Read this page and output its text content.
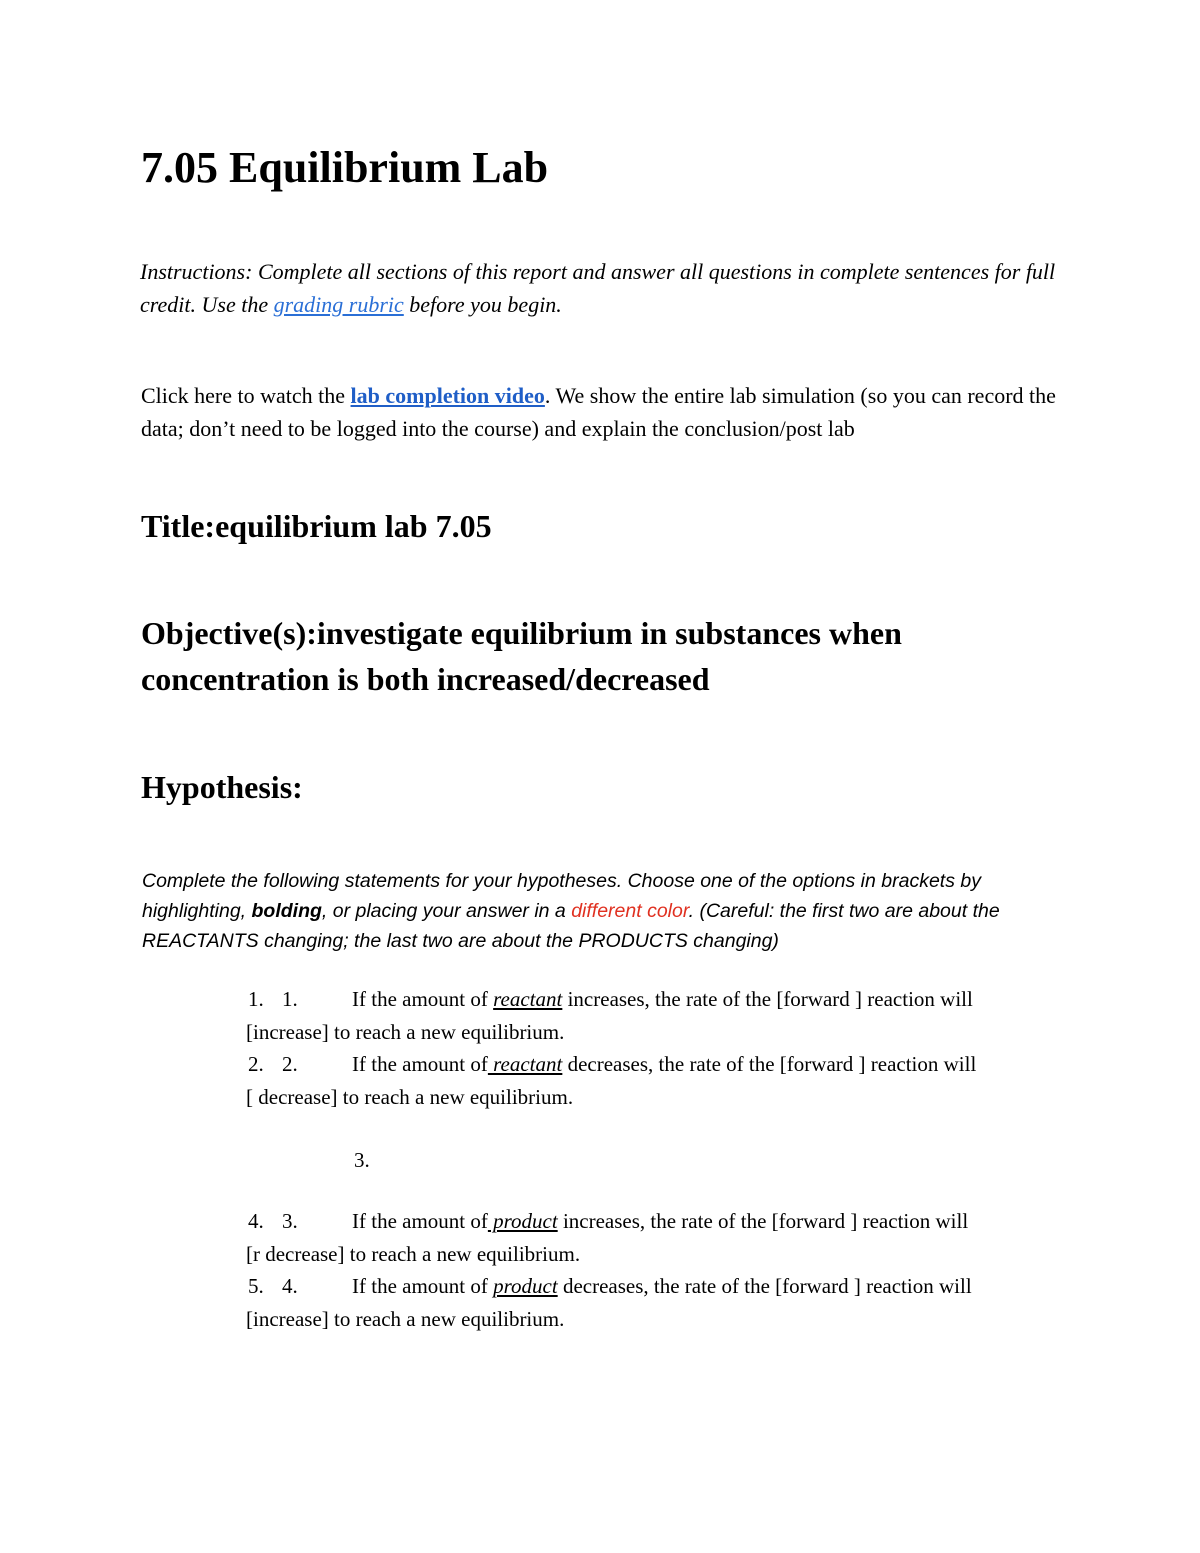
7.05 Equilibrium Lab
Instructions: Complete all sections of this report and answer all questions in complete sentences for full credit. Use the grading rubric before you begin.
Click here to watch the lab completion video. We show the entire lab simulation (so you can record the data; don’t need to be logged into the course) and explain the conclusion/post lab
Title:equilibrium lab 7.05
Objective(s):investigate equilibrium in substances when concentration is both increased/decreased
Hypothesis:
Complete the following statements for your hypotheses. Choose one of the options in brackets by highlighting, bolding, or placing your answer in a different color. (Careful: the first two are about the REACTANTS changing; the last two are about the PRODUCTS changing)
1. 1.	If the amount of reactant increases, the rate of the [forward ] reaction will
[increase] to reach a new equilibrium.
2. 2.	If the amount of reactant decreases, the rate of the [forward ] reaction will
[ decrease] to reach a new equilibrium.
3.
4. 3.	If the amount of product increases, the rate of the [forward ] reaction will
[r decrease] to reach a new equilibrium.
5. 4.	If the amount of product decreases, the rate of the [forward ] reaction will
[increase] to reach a new equilibrium.
